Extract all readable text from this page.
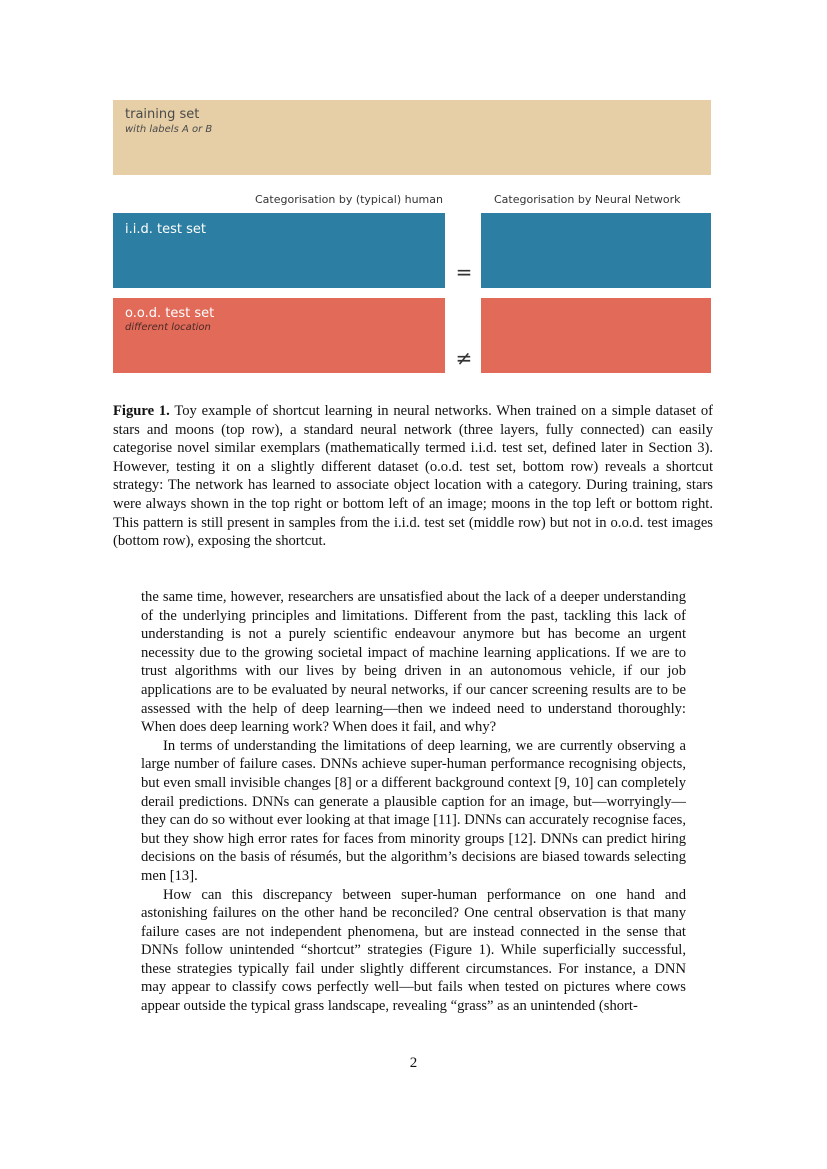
training set
with labels A or B
Categorisation by (typical) human	Categorisation by Neural Network
i.i.d. test set
=
o.o.d. test set
different location
≠
Figure 1. Toy example of shortcut learning in neural networks. When trained on a simple dataset of stars and moons (top row), a standard neural network (three layers, fully connected) can easily categorise novel similar exemplars (mathematically termed i.i.d. test set, defined later in Section 3). However, testing it on a slightly different dataset (o.o.d. test set, bottom row) reveals a shortcut strategy: The network has learned to associate object location with a category. During training, stars were always shown in the top right or bottom left of an image; moons in the top left or bottom right. This pattern is still present in samples from the i.i.d. test set (middle row) but not in o.o.d. test images (bottom row), exposing the shortcut.

the same time, however, researchers are unsatisfied about the lack of a deeper understanding of the underlying principles and limitations. Different from the past, tackling this lack of understanding is not a purely scientific endeavour anymore but has become an urgent necessity due to the growing societal impact of machine learning applications. If we are to trust algorithms with our lives by being driven in an autonomous vehicle, if our job applications are to be evaluated by neural networks, if our cancer screening results are to be assessed with the help of deep learning—then we indeed need to understand thoroughly: When does deep learning work? When does it fail, and why?

In terms of understanding the limitations of deep learning, we are currently observing a large number of failure cases. DNNs achieve super-human performance recognising objects, but even small invisible changes [8] or a different background context [9, 10] can completely derail predictions. DNNs can generate a plausible caption for an image, but—worryingly—they can do so without ever looking at that image [11]. DNNs can accurately recognise faces, but they show high error rates for faces from minority groups [12]. DNNs can predict hiring decisions on the basis of résumés, but the algorithm’s decisions are biased towards selecting men [13].

How can this discrepancy between super-human performance on one hand and astonishing failures on the other hand be reconciled? One central observation is that many failure cases are not independent phenomena, but are instead connected in the sense that DNNs follow unintended “shortcut” strategies (Figure 1). While superficially successful, these strategies typically fail under slightly different circumstances. For instance, a DNN may appear to classify cows perfectly well—but fails when tested on pictures where cows appear outside the typical grass landscape, revealing “grass” as an unintended (short-

2
